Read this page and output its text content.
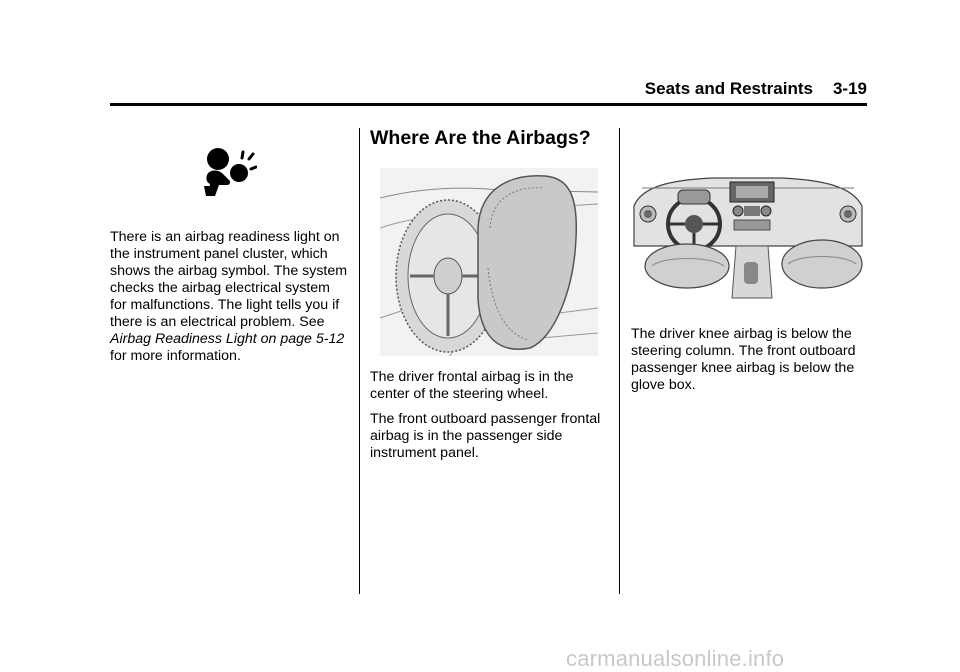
Seats and Restraints 3-19

There is an airbag readiness light on the instrument panel cluster, which shows the airbag symbol. The system checks the airbag electrical system for malfunctions. The light tells you if there is an electrical problem. See Airbag Readiness Light on page 5-12 for more information.

Where Are the Airbags?

The driver frontal airbag is in the center of the steering wheel.

The front outboard passenger frontal airbag is in the passenger side instrument panel.

The driver knee airbag is below the steering column. The front outboard passenger knee airbag is below the glove box.

carmanualsonline.info
